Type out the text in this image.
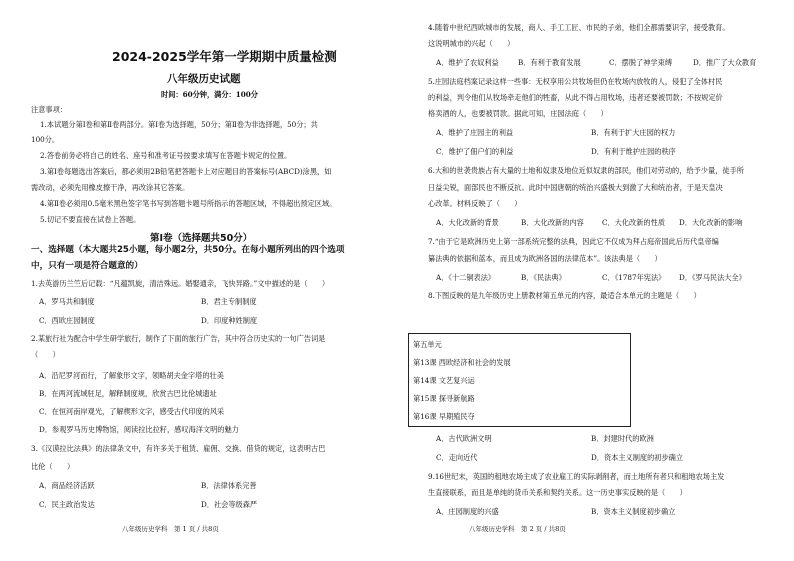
2024-2025学年第一学期期中质量检测
八年级历史试题
时间：60分钟，满分：100分
注意事项：
1.本试题分第Ⅰ卷和第Ⅱ卷两部分。第Ⅰ卷为选择题，50分；第Ⅱ卷为非选择题，50分；共
100分。
2.答卷前务必将自己的姓名、座号和准考证号按要求填写在答题卡规定的位置。
3.第Ⅰ卷每题选出答案后，都必须用2B铅笔把答题卡上对应题目的答案标号(ABCD)涂黑，如
需改动，必须先用橡皮擦干净，再改涂其它答案。
4.第Ⅱ卷必须用0.5毫米黑色签字笔书写到答题卡题号所指示的答题区域，不得超出预定区域。
5.切记不要直接在试卷上答题。
第Ⅰ卷（选择题共50分）
一、选择题（本大题共25小题，每小题2分，共50分。在每小题所列出的四个选项
中，只有一项是符合题意的）
1.去英游历兰竺后记载：“凡蕴凯旋，清洁殊远。婚娶通亲，飞快异路。”文中描述的是（　　）
A．罗马共和制度	B．君主专制制度
C．西欧庄园制度	D．印度种姓制度
2.某旅行社为配合中学生研学旅行，制作了下面的旅行广告，其中符合历史实的一句广告词是
（　　）
A．沿尼罗河而行，了解象形文字，领略胡夫金字塔的壮美
B．在两河流域驻足，解释制度规，欣赏古巴比伦城遗址
C．在恒河南岸观光，了解楔形文字，感受古代印度的风采
D．参观罗马历史博物馆，阅读拉比拉籽，感叹海洋文明的魅力
3.《汉谟拉比法典》的法律条文中，有许多关于租赁、雇佣、交换、借贷的规定，这表明古巴
比伦（　　）
A．商品经济活跃	B．法律体系完善
C．民主政治发达	D．社会等级森严
八年级历史学科　第 1 页 / 共8页
4.随着中世纪西欧城市的发展，商人、手工工匠、市民的子弟，他们全都需要识字，接受教育。
这说明城市的兴起（　　）
A．维护了农奴利益	B．有利于教育发展	C．摆脱了神学束缚	D．推广了大众教育
5.庄园法庭档案记录这样一些事：无权享用公共牧场但仍在牧场内放牧的人，侵犯了全体村民
的利益，判令他们从牧场牵走他们的牲畜，从此不得占用牧场，违者还要被罚款；不按规定价
格卖酒的人，也要被罚款。据此可知，庄园法庭（　　）
A．维护了庄园主的利益	B．有利于扩大庄园的权力
C．维护了佃户们的利益	D．有利于维护庄园的秩序
6.大和的世袭贵族占有大量的土地和奴隶及地位近似奴隶的部民，他们对劳动的，给予少量，徒手所
日益尖锐，面部民也不断反抗。此时中国唐朝的统治兴盛极大到激了大和统治者，于是天皇决
心改革。材料反映了（　　）
A．大化改新的背景	B．大化改新的内容	C．大化改新的性质 D．大化改新的影响
7.“由于它是欧洲历史上第一部系统完整的法典，因此它不仅成为拜占庭帝国此后历代皇帝编
纂法典的依据和蓝本，而且成为欧洲各国的法律范本”。该法典是（　　）
A．《十二铜表法》	B．《民法典》	C．《1787年宪法》 D．《罗马民法大全》
8.下图反映的是九年级历史上册教材第五单元的内容，最适合本单元的主题是（　　）
第五单元
第13课 西欧经济和社会的发展
第14课 文艺复兴运
第15课 探寻新航路
第16课 早期殖民夺
A．古代欧洲文明	B．封建时代的欧洲
C．走向近代	D．资本主义制度的初步确立
9.16世纪末，英国的租地农场主成了农业雇工的实际剥削者，而土地所有者只和租地农场主发
生直接联系，而且是单纯的货币关系和契约关系。这一历史事实反映的是（　　）
A．庄园制度的兴盛	B．资本主义制度初步确立
八年级历史学科　第 2 页 / 共8页
